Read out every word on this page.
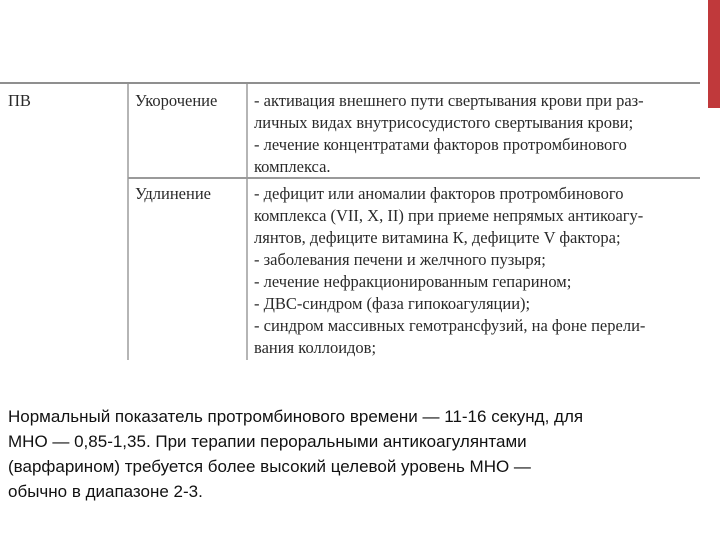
ПВ	Укорочение - активация внешнего пути свертывания крови при раз-
личных видах внутрисосудистого свертывания крови;
- лечение концентратами факторов протромбинового
комплекса.
Удлинение	- дефицит или аномалии факторов протромбинового
комплекса (VII, X, II) при приеме непрямых антикоагу-
лянтов, дефиците витамина К, дефиците V фактора;
- заболевания печени и желчного пузыря;
- лечение нефракционированным гепарином;
- ДВС-синдром (фаза гипокоагуляции);
- синдром массивных гемотрансфузий, на фоне перели-
вания коллоидов;
Нормальный показатель протромбинового времени — 11-16 секунд, для
МНО — 0,85-1,35. При терапии пероральными антикоагулянтами
(варфарином) требуется более высокий целевой уровень МНО —
обычно в диапазоне 2-3.
